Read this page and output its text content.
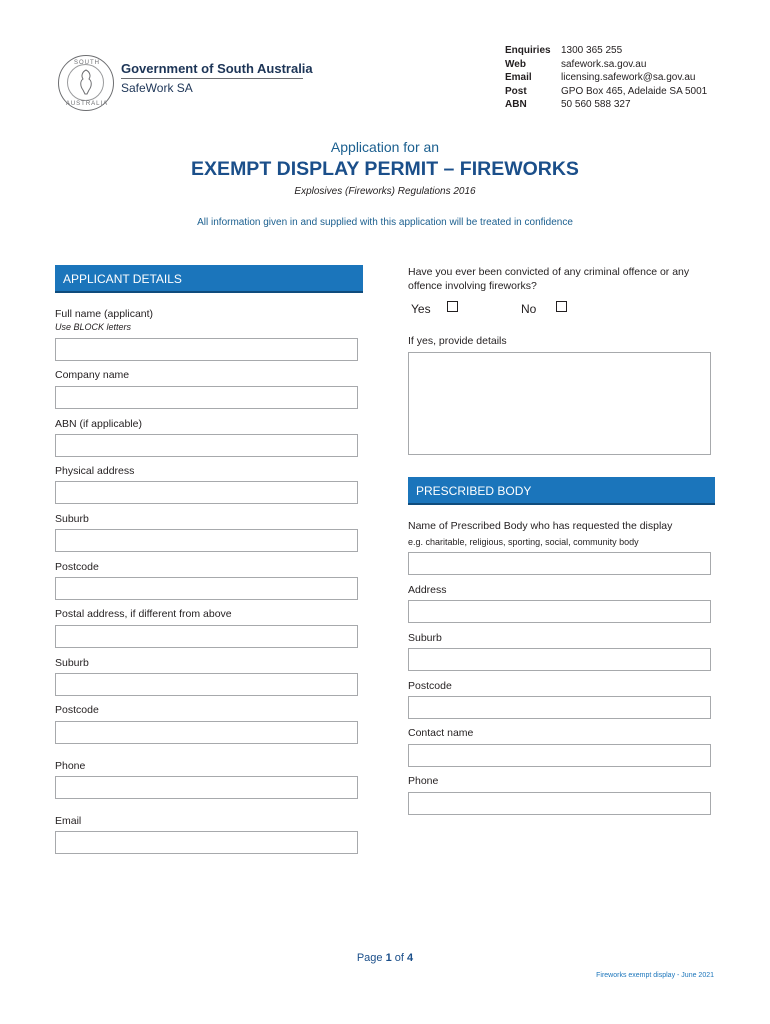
SOUTH
AUSTRALIA
Government of South Australia
SafeWork SA
Enquiries	1300 365 255
Web	safework.sa.gov.au
Email	licensing.safework@sa.gov.au
Post	GPO Box 465, Adelaide SA 5001
ABN	50 560 588 327
Application for an
EXEMPT DISPLAY PERMIT – FIREWORKS
Explosives (Fireworks) Regulations 2016
All information given in and supplied with this application will be treated in confidence
APPLICANT DETAILS
Full name (applicant)
Use BLOCK letters
Company name
ABN (if applicable)
Physical address
Suburb
Postcode
Postal address, if different from above
Suburb
Postcode
Phone
Email
Have you ever been convicted of any criminal offence or any offence involving fireworks?
Yes	No
If yes, provide details
PRESCRIBED BODY
Name of Prescribed Body who has requested the display
e.g. charitable, religious, sporting, social, community body
Address
Suburb
Postcode
Contact name
Phone
Page 1 of 4
Fireworks exempt display - June 2021
